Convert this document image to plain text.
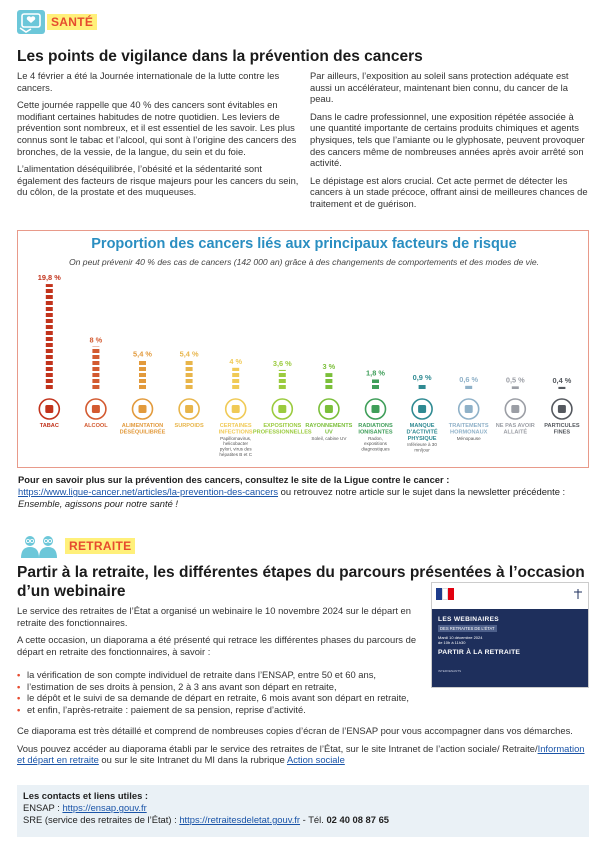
SANTÉ
Les points de vigilance dans la prévention des cancers

Le 4 février a été la Journée internationale de la lutte contre les cancers.

Cette journée rappelle que 40 % des cancers sont évitables en modifiant certaines habitudes de notre quotidien. Les leviers de prévention sont nombreux, et il est essentiel de les savoir. Les plus connus sont le tabac et l’alcool, qui sont à l’origine des cancers des bronches, de la vessie, de la langue, du sein et du foie.

L’alimentation déséquilibrée, l’obésité et la sédentarité sont également des facteurs de risque majeurs pour les cancers du sein, du côlon, de la prostate et des muqueuses.

Par ailleurs, l’exposition au soleil sans protection adéquate est aussi un accélérateur, maintenant bien connu, du cancer de la peau.

Dans le cadre professionnel, une exposition répétée associée à une quantité importante de certains produits chimiques et agents physiques, tels que l’amiante ou le glyphosate, peuvent provoquer des cancers même de nombreuses années après avoir arrêté son activité.

Le dépistage est alors crucial. Cet acte permet de détecter les cancers à un stade précoce, offrant ainsi de meilleures chances de traitement et de guérison.

Proportion des cancers liés aux principaux facteurs de risque
On peut prévenir 40 % des cas de cancers (142 000 an) grâce à des changements de comportements et des modes de vie.
19,8 %
TABAC
8 %
ALCOOL
5,4 %
ALIMENTATION
DÉSÉQUILIBRÉE
5,4 %
SURPOIDS
4 %
CERTAINES
INFECTIONS
Papillomavirus,
helicobacter
pylori, virus des
hépatites B et C
3,6 %
EXPOSITIONS
PROFESSIONNELLES
3 %
RAYONNEMENTS
UV
Soleil, cabine UV
1,8 %
RADIATIONS
IONISANTES
Radon,
expositions
diagnostiques
0,9 %
MANQUE
D’ACTIVITÉ
PHYSIQUE
Inférieure à 30
mn/jour
0,6 %
TRAITEMENTS
HORMONAUX
Ménopause
0,5 %
NE PAS AVOIR
ALLAITÉ
0,4 %
PARTICULES
FINES
Pour en savoir plus sur la prévention des cancers, consultez le site de la Ligue contre le cancer :
https://www.ligue-cancer.net/articles/la-prevention-des-cancers ou retrouvez notre article sur le sujet dans la newsletter précédente : Ensemble, agissons pour notre santé !
RETRAITE
Partir à la retraite, les différentes étapes du parcours présentées à l’occasion d’un webinaire

Le service des retraites de l’État a organisé un webinaire le 10 novembre 2024 sur le départ en retraite des fonctionnaires.

A cette occasion, un diaporama a été présenté qui retrace les différentes phases du parcours de départ en retraite des fonctionnaires, à savoir :

• la vérification de son compte individuel de retraite dans l’ENSAP, entre 50 et 60 ans,
• l’estimation de ses droits à pension, 2 à 3 ans avant son départ en retraite,
• le dépôt et le suivi de sa demande de départ en retraite, 6 mois avant son départ en retraite,
• et enfin, l’après-retraite : paiement de sa pension, reprise d’activité.

Ce diaporama est très détaillé et comprend de nombreuses copies d’écran de l’ENSAP pour vous accompagner dans vos démarches.

Vous pouvez accéder au diaporama établi par le service des retraites de l’État, sur le site Intranet de l’action sociale/ Retraite/Information et départ en retraite ou sur le site Intranet du MI dans la rubrique Action sociale

LES WEBINAIRES
DES RETRAITES DE L’ÉTAT
Mardi 10 décembre 2024
de 10h à 11h30
PARTIR À LA RETRAITE
INTERVENANTS
Les contacts et liens utiles :
ENSAP : https://ensap.gouv.fr
SRE (service des retraites de l’État) : https://retraitesdeletat.gouv.fr - Tél. 02 40 08 87 65
